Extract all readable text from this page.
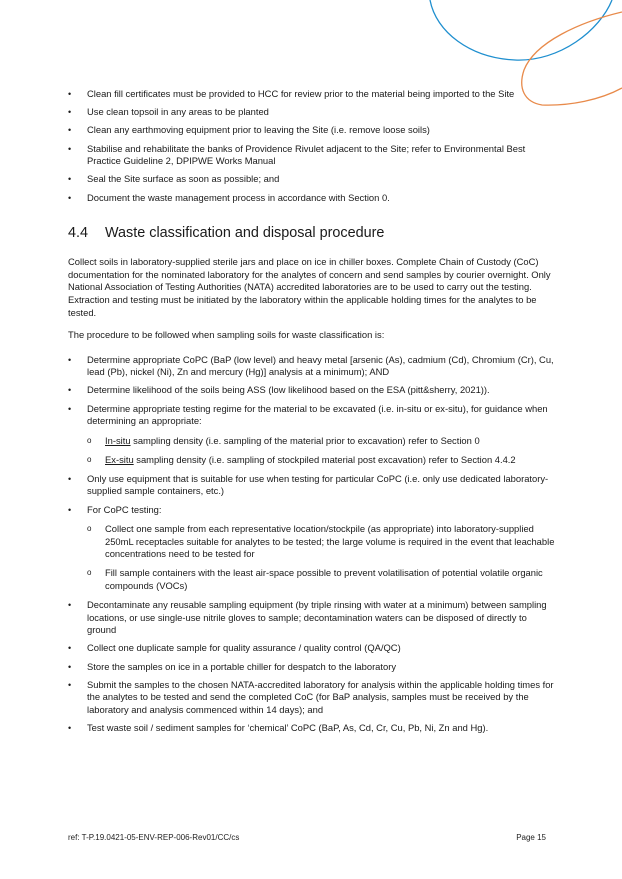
• Clean fill certificates must be provided to HCC for review prior to the material being imported to the Site
• Use clean topsoil in any areas to be planted
• Clean any earthmoving equipment prior to leaving the Site (i.e. remove loose soils)
• Stabilise and rehabilitate the banks of Providence Rivulet adjacent to the Site; refer to Environmental Best Practice Guideline 2, DPIPWE Works Manual
• Seal the Site surface as soon as possible; and
• Document the waste management process in accordance with Section 0.
4.4	Waste classification and disposal procedure

Collect soils in laboratory-supplied sterile jars and place on ice in chiller boxes. Complete Chain of Custody (CoC) documentation for the nominated laboratory for the analytes of concern and send samples by courier overnight. Only National Association of Testing Authorities (NATA) accredited laboratories are to be used to carry out the testing. Extraction and testing must be initiated by the laboratory within the applicable holding times for the analytes to be tested.

The procedure to be followed when sampling soils for waste classification is:

• Determine appropriate CoPC (BaP (low level) and heavy metal [arsenic (As), cadmium (Cd), Chromium (Cr), Cu, lead (Pb), nickel (Ni), Zn and mercury (Hg)] analysis at a minimum); AND
• Determine likelihood of the soils being ASS (low likelihood based on the ESA (pitt&sherry, 2021)).
• Determine appropriate testing regime for the material to be excavated (i.e. in-situ or ex-situ), for guidance when determining an appropriate:
o In-situ sampling density (i.e. sampling of the material prior to excavation) refer to Section 0
o Ex-situ sampling density (i.e. sampling of stockpiled material post excavation) refer to Section 4.4.2
• Only use equipment that is suitable for use when testing for particular CoPC (i.e. only use dedicated laboratory-supplied sample containers, etc.)
• For CoPC testing:
o Collect one sample from each representative location/stockpile (as appropriate) into laboratory-supplied 250mL receptacles suitable for analytes to be tested; the large volume is required in the event that leachable concentrations need to be tested for
o Fill sample containers with the least air-space possible to prevent volatilisation of potential volatile organic compounds (VOCs)
• Decontaminate any reusable sampling equipment (by triple rinsing with water at a minimum) between sampling locations, or use single-use nitrile gloves to sample; decontamination waters can be disposed of directly to ground
• Collect one duplicate sample for quality assurance / quality control (QA/QC)
• Store the samples on ice in a portable chiller for despatch to the laboratory
• Submit the samples to the chosen NATA-accredited laboratory for analysis within the applicable holding times for the analytes to be tested and send the completed CoC (for BaP analysis, samples must be received by the laboratory and analysis commenced within 14 days); and
• Test waste soil / sediment samples for ‘chemical’ CoPC (BaP, As, Cd, Cr, Cu, Pb, Ni, Zn and Hg).
ref: T-P.19.0421-05-ENV-REP-006-Rev01/CC/cs	Page 15
